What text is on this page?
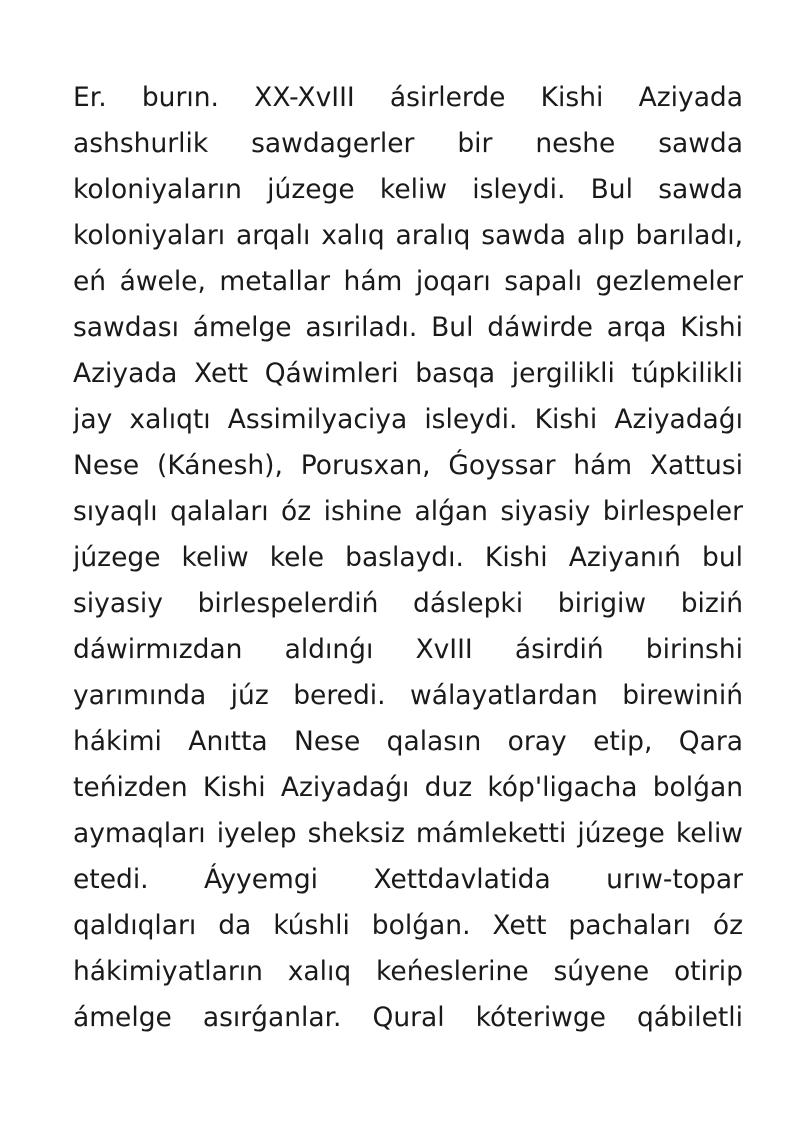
Er. burın. XX-XvIII ásirlerde Kishi Aziyada
ashshurlik sawdagerler bir neshe sawda
koloniyaların júzege keliw isleydi. Bul sawda
koloniyaları arqalı xalıq aralıq sawda alıp barıladı,
eń áwele, metallar hám joqarı sapalı gezlemeler
sawdası ámelge asıriladı. Bul dáwirde arqa Kishi
Aziyada Xett Qáwimleri basqa jergilikli túpkilikli
jay xalıqtı Assimilyaciya isleydi. Kishi Aziyadaǵı
Nese (Kánesh), Porusxan, Ǵoyssar hám Xattusi
sıyaqlı qalaları óz ishine alǵan siyasiy birlespeler
júzege keliw kele baslaydı. Kishi Aziyanıń bul
siyasiy birlespelerdiń dáslepki birigiw biziń
dáwirmızdan aldınǵı XvIII ásirdiń birinshi
yarımında júz beredi. wálayatlardan birewiniń
hákimi Anıtta Nese qalasın oray etip, Qara
teńizden Kishi Aziyadaǵı duz kóp'ligacha bolǵan
aymaqları iyelep sheksiz mámleketti júzege keliw
etedi. Áyyemgi Xettdavlatida urıw-topar
qaldıqları da kúshli bolǵan. Xett pachaları óz
hákimiyatların xalıq keńeslerine súyene otirip
ámelge asırǵanlar. Qural kóteriwge qábiletli
